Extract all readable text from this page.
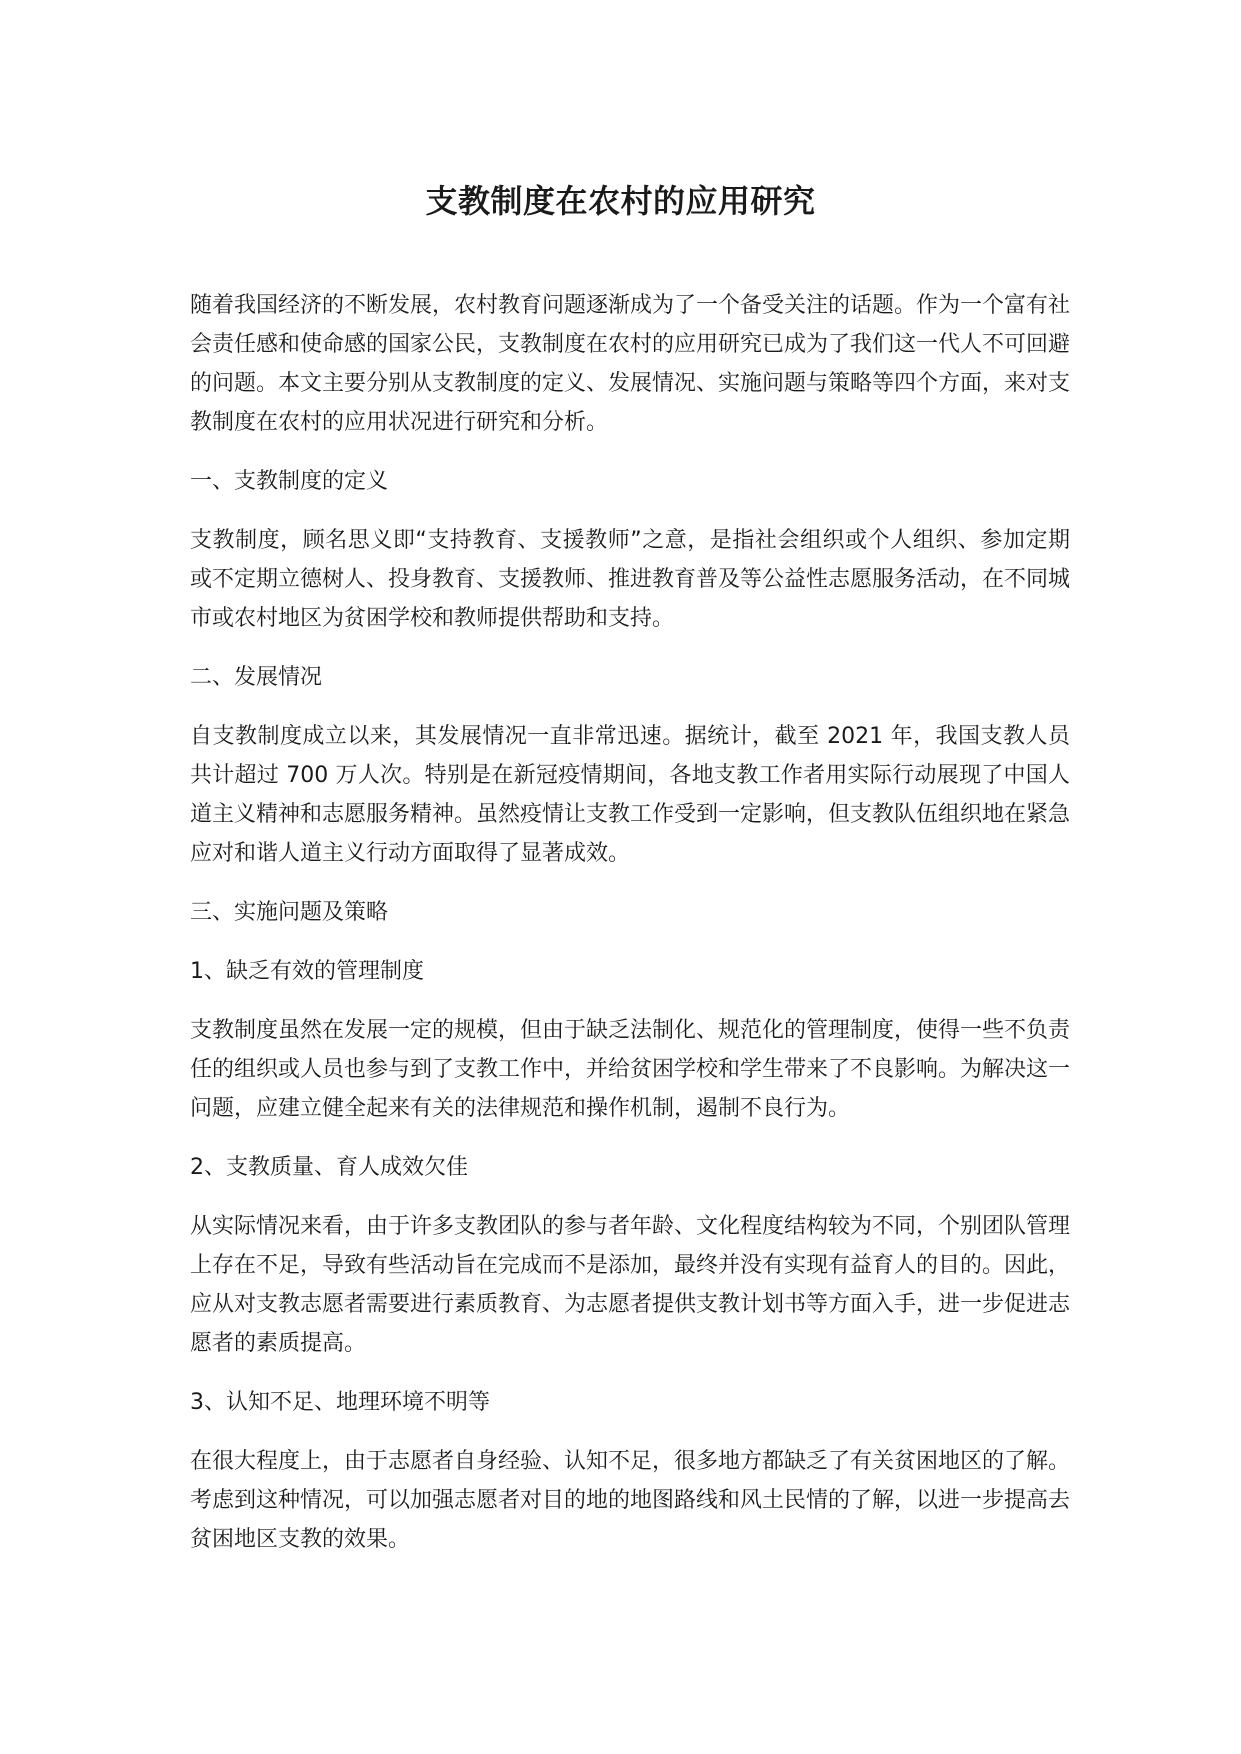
支教制度在农村的应用研究

随着我国经济的不断发展，农村教育问题逐渐成为了一个备受关注的话题。作为一个富有社会责任感和使命感的国家公民，支教制度在农村的应用研究已成为了我们这一代人不可回避的问题。本文主要分别从支教制度的定义、发展情况、实施问题与策略等四个方面，来对支教制度在农村的应用状况进行研究和分析。

一、支教制度的定义

支教制度，顾名思义即“支持教育、支援教师”之意，是指社会组织或个人组织、参加定期或不定期立德树人、投身教育、支援教师、推进教育普及等公益性志愿服务活动，在不同城市或农村地区为贫困学校和教师提供帮助和支持。

二、发展情况

自支教制度成立以来，其发展情况一直非常迅速。据统计，截至 2021 年，我国支教人员共计超过 700 万人次。特别是在新冠疫情期间，各地支教工作者用实际行动展现了中国人道主义精神和志愿服务精神。虽然疫情让支教工作受到一定影响，但支教队伍组织地在紧急应对和谐人道主义行动方面取得了显著成效。

三、实施问题及策略

1、缺乏有效的管理制度

支教制度虽然在发展一定的规模，但由于缺乏法制化、规范化的管理制度，使得一些不负责任的组织或人员也参与到了支教工作中，并给贫困学校和学生带来了不良影响。为解决这一问题，应建立健全起来有关的法律规范和操作机制，遏制不良行为。

2、支教质量、育人成效欠佳

从实际情况来看，由于许多支教团队的参与者年龄、文化程度结构较为不同，个别团队管理上存在不足，导致有些活动旨在完成而不是添加，最终并没有实现有益育人的目的。因此，应从对支教志愿者需要进行素质教育、为志愿者提供支教计划书等方面入手，进一步促进志愿者的素质提高。

3、认知不足、地理环境不明等

在很大程度上，由于志愿者自身经验、认知不足，很多地方都缺乏了有关贫困地区的了解。考虑到这种情况，可以加强志愿者对目的地的地图路线和风土民情的了解，以进一步提高去贫困地区支教的效果。
